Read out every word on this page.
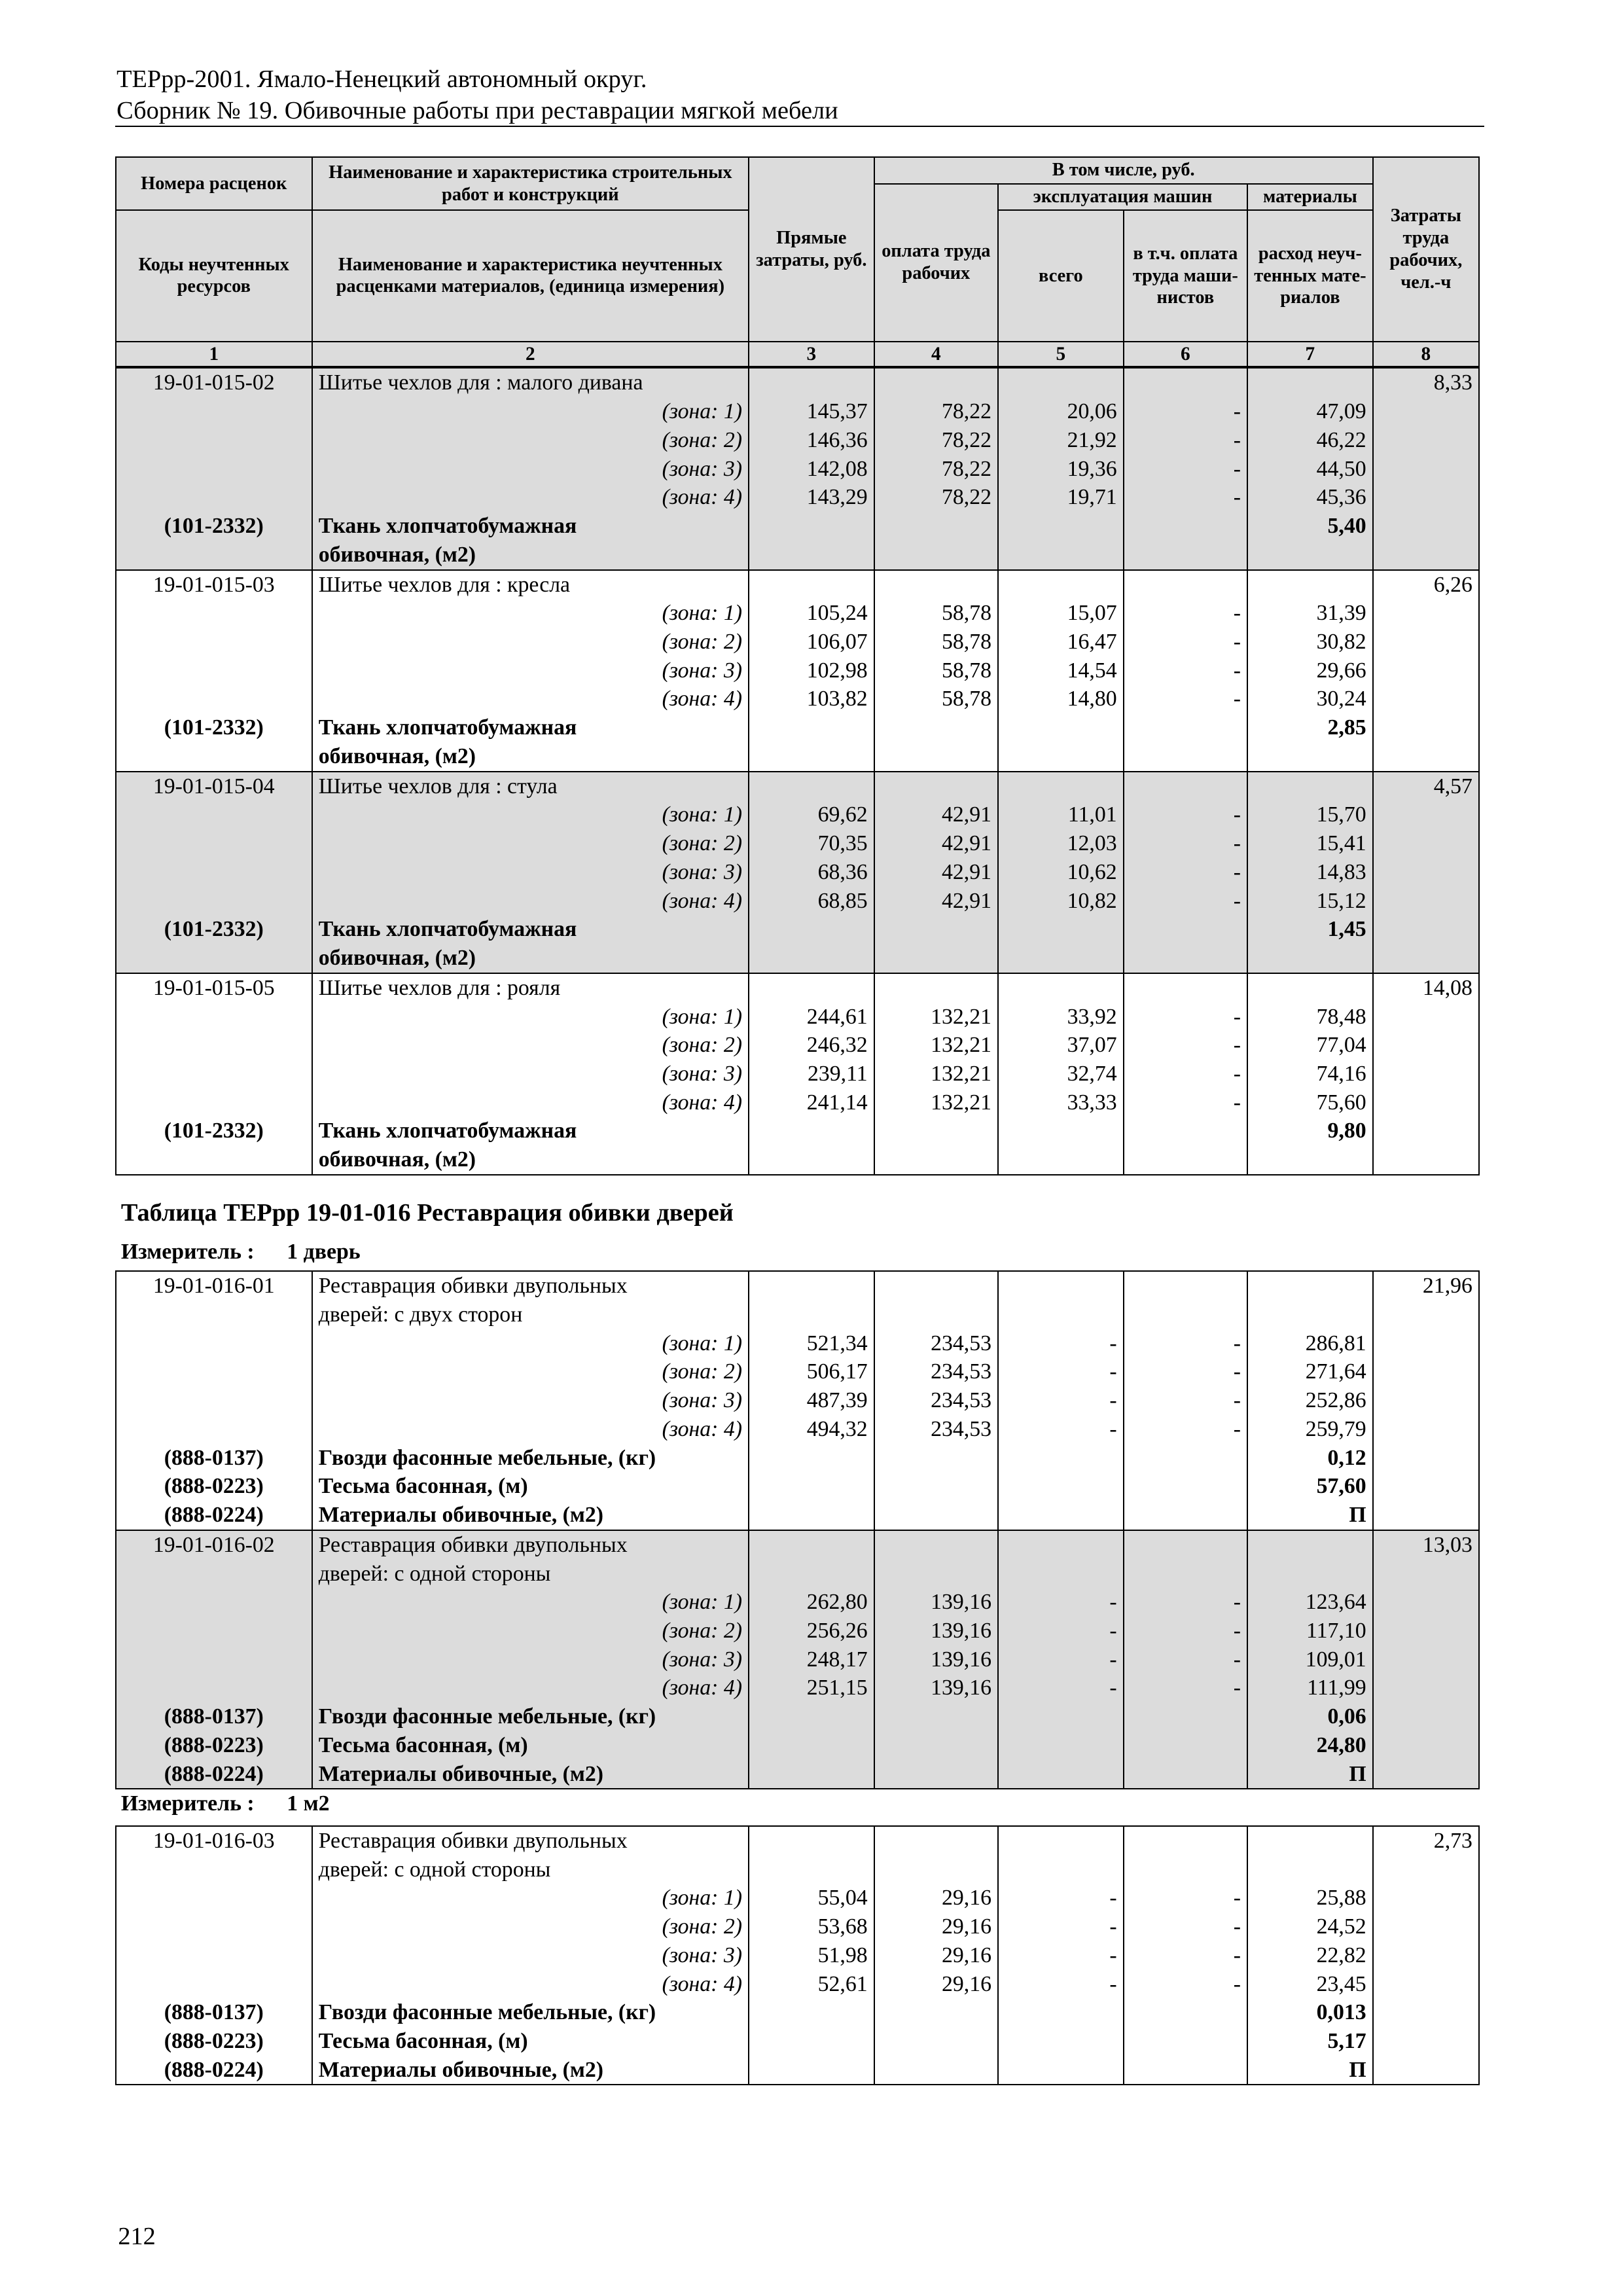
ТЕРрр-2001. Ямало-Ненецкий автономный округ.
Сборник № 19. Обивочные работы при реставрации мягкой мебели
Номера расценок	Наименование и характеристика строительных работ и конструкций	Прямые затраты, руб.	В том числе, руб.				Затраты труда рабочих, чел.-ч
			оплата труда рабочих	эксплуатация машин		материалы	
Коды неучтенных ресурсов	Наименование и характеристика неучтенных расценками материалов, (единица измерения)			всего	в т.ч. оплата труда маши- нистов	расход неуч- тенных мате- риалов	

1	2	3	4	5	6	7	8
19-01-015-02	Шитье чехлов для : малого дивана						8,33
	(зона: 1)	145,37	78,22	20,06	-	47,09	
	(зона: 2)	146,36	78,22	21,92	-	46,22	
	(зона: 3)	142,08	78,22	19,36	-	44,50	
	(зона: 4)	143,29	78,22	19,71	-	45,36	
(101-2332)	Ткань хлопчатобумажная					5,40	
	обивочная, (м2)						
19-01-015-03	Шитье чехлов для : кресла						6,26
	(зона: 1)	105,24	58,78	15,07	-	31,39	
	(зона: 2)	106,07	58,78	16,47	-	30,82	
	(зона: 3)	102,98	58,78	14,54	-	29,66	
	(зона: 4)	103,82	58,78	14,80	-	30,24	
(101-2332)	Ткань хлопчатобумажная					2,85	
	обивочная, (м2)						
19-01-015-04	Шитье чехлов для : стула						4,57
	(зона: 1)	69,62	42,91	11,01	-	15,70	
	(зона: 2)	70,35	42,91	12,03	-	15,41	
	(зона: 3)	68,36	42,91	10,62	-	14,83	
	(зона: 4)	68,85	42,91	10,82	-	15,12	
(101-2332)	Ткань хлопчатобумажная					1,45	
	обивочная, (м2)						
19-01-015-05	Шитье чехлов для : рояля						14,08
	(зона: 1)	244,61	132,21	33,92	-	78,48	
	(зона: 2)	246,32	132,21	37,07	-	77,04	
	(зона: 3)	239,11	132,21	32,74	-	74,16	
	(зона: 4)	241,14	132,21	33,33	-	75,60	
(101-2332)	Ткань хлопчатобумажная					9,80	
	обивочная, (м2)						
Таблица ТЕРрр 19-01-016 Реставрация обивки дверей
Измеритель :	1 дверь
19-01-016-01	Реставрация обивки двупольных						21,96
	дверей: с двух сторон						
	(зона: 1)	521,34	234,53	-	-	286,81	
	(зона: 2)	506,17	234,53	-	-	271,64	
	(зона: 3)	487,39	234,53	-	-	252,86	
	(зона: 4)	494,32	234,53	-	-	259,79	
(888-0137)	Гвозди фасонные мебельные, (кг)					0,12	
(888-0223)	Тесьма басонная, (м)					57,60	
(888-0224)	Материалы обивочные, (м2)					П	
19-01-016-02	Реставрация обивки двупольных						13,03
	дверей: с одной стороны						
	(зона: 1)	262,80	139,16	-	-	123,64	
	(зона: 2)	256,26	139,16	-	-	117,10	
	(зона: 3)	248,17	139,16	-	-	109,01	
	(зона: 4)	251,15	139,16	-	-	111,99	
(888-0137)	Гвозди фасонные мебельные, (кг)					0,06	
(888-0223)	Тесьма басонная, (м)					24,80	
(888-0224)	Материалы обивочные, (м2)					П	
Измеритель :	1 м2
19-01-016-03	Реставрация обивки двупольных						2,73
	дверей: с одной стороны						
	(зона: 1)	55,04	29,16	-	-	25,88	
	(зона: 2)	53,68	29,16	-	-	24,52	
	(зона: 3)	51,98	29,16	-	-	22,82	
	(зона: 4)	52,61	29,16	-	-	23,45	
(888-0137)	Гвозди фасонные мебельные, (кг)					0,013	
(888-0223)	Тесьма басонная, (м)					5,17	
(888-0224)	Материалы обивочные, (м2)					П	
212
